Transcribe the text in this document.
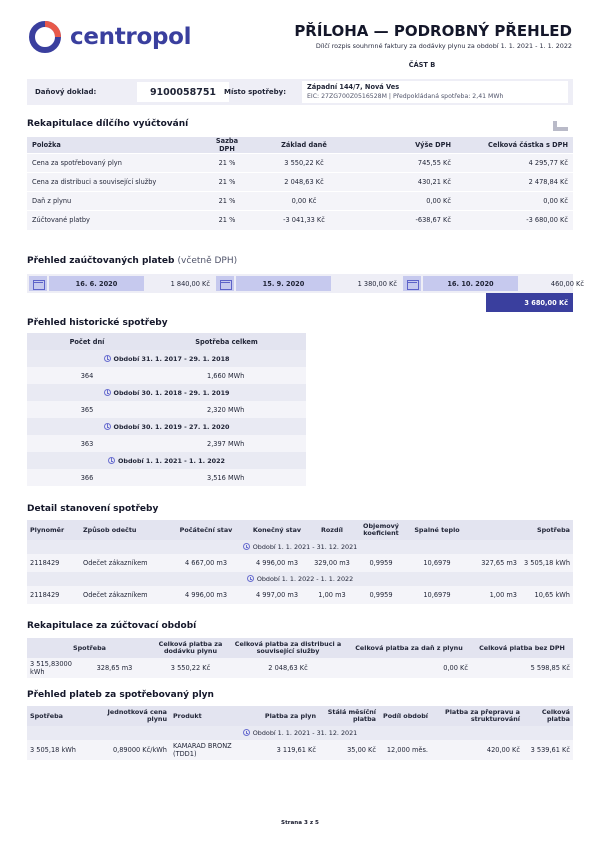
centropol	PŘÍLOHA — PODROBNÝ PŘEHLED
Dílčí rozpis souhrnné faktury za dodávky plynu za období 1. 1. 2021 - 1. 1. 2022
ČÁST B
Daňový doklad:	9100058751	Místo spotřeby:
Západní 144/7, Nová Ves
EIC: 27ZG700Z0516528M | Předpokládaná spotřeba: 2,41 MWh
Rekapitulace dílčího vyúčtování
Položka	Sazba DPH	Základ daně	Výše DPH	Celková částka s DPH
Cena za spotřebovaný plyn	21 %	3 550,22 Kč	745,55 Kč	4 295,77 Kč
Cena za distribuci a související služby	21 %	2 048,63 Kč	430,21 Kč	2 478,84 Kč
Daň z plynu	21 %	0,00 Kč	0,00 Kč	0,00 Kč
Zúčtované platby	21 %	-3 041,33 Kč	-638,67 Kč	-3 680,00 Kč
Přehled zaúčtovaných plateb (včetně DPH)
16. 6. 2020	1 840,00 Kč	15. 9. 2020	1 380,00 Kč	16. 10. 2020	460,00 Kč
3 680,00 Kč
Přehled historické spotřeby
Počet dní	Spotřeba celkem
Období 31. 1. 2017 - 29. 1. 2018	
364	1,660 MWh
Období 30. 1. 2018 - 29. 1. 2019	
365	2,320 MWh
Období 30. 1. 2019 - 27. 1. 2020	
363	2,397 MWh
Období 1. 1. 2021 - 1. 1. 2022	
366	3,516 MWh
Detail stanovení spotřeby
Plynoměr	Způsob odečtu	Počáteční stav	Konečný stav	Rozdíl	Objemový koeficient	Spalné teplo	Spotřeba	
Období 1. 1. 2021 - 31. 12. 2021								
2118429	Odečet zákazníkem	4 667,00 m3	4 996,00 m3	329,00 m3	0,9959	10,6979	327,65 m3	3 505,18 kWh
Období 1. 1. 2022 - 1. 1. 2022								
2118429	Odečet zákazníkem	4 996,00 m3	4 997,00 m3	1,00 m3	0,9959	10,6979	1,00 m3	10,65 kWh
Rekapitulace za zúčtovací období
Spotřeba		Celková platba za dodávku plynu	Celková platba za distribuci a související služby	Celková platba za daň z plynu	Celková platba bez DPH
3 515,83000 kWh	328,65 m3	3 550,22 Kč	2 048,63 Kč	0,00 Kč	5 598,85 Kč
Přehled plateb za spotřebovaný plyn
Spotřeba	Jednotková cena plynu	Produkt	Platba za plyn	Stálá měsíční platba	Podíl období	Platba za přepravu a strukturování	Celková platba
Období 1. 1. 2021 - 31. 12. 2021							
3 505,18 kWh	0,89000 Kč/kWh	KAMARAD BRONZ (TDD1)	3 119,61 Kč	35,00 Kč	12,000 měs.	420,00 Kč	3 539,61 Kč
Strana 3 z 5
